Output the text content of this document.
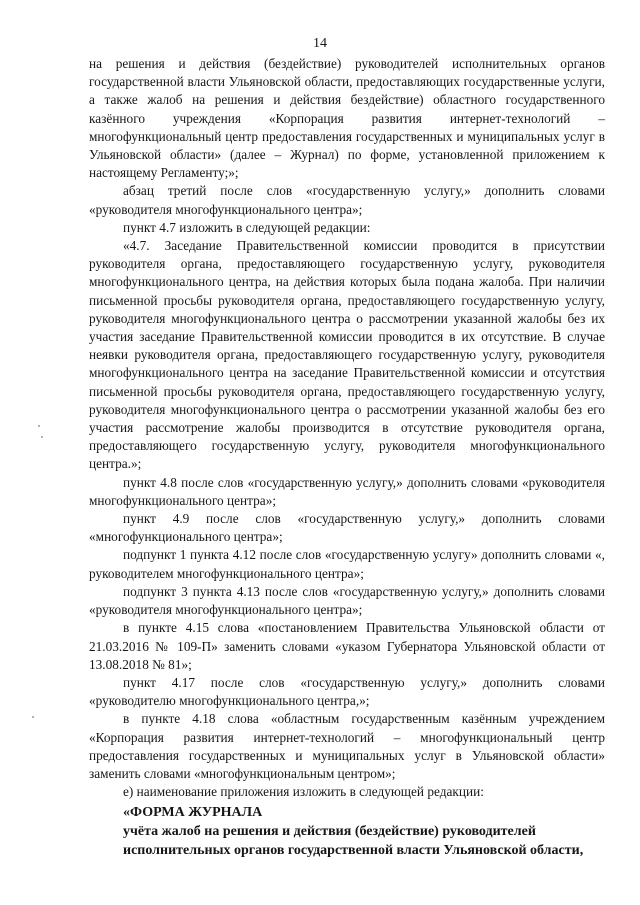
14

на решения и действия (бездействие) руководителей исполнительных органов государственной власти Ульяновской области, предоставляющих государственные услуги, а также жалоб на решения и действия бездействие) областного государственного казённого учреждения «Корпорация развития интернет-технологий – многофункциональный центр предоставления государственных и муниципальных услуг в Ульяновской области» (далее – Журнал) по форме, установленной приложением к настоящему Регламенту;»;

абзац третий после слов «государственную услугу,» дополнить словами «руководителя многофункционального центра»;

пункт 4.7 изложить в следующей редакции:

«4.7. Заседание Правительственной комиссии проводится в присутствии руководителя органа, предоставляющего государственную услугу, руководителя многофункционального центра, на действия которых была подана жалоба. При наличии письменной просьбы руководителя органа, предоставляющего государственную услугу, руководителя многофункционального центра о рассмотрении указанной жалобы без их участия заседание Правительственной комиссии проводится в их отсутствие. В случае неявки руководителя органа, предоставляющего государственную услугу, руководителя многофункционального центра на заседание Правительственной комиссии и отсутствия письменной просьбы руководителя органа, предоставляющего государственную услугу, руководителя многофункционального центра о рассмотрении указанной жалобы без его участия рассмотрение жалобы производится в отсутствие руководителя органа, предоставляющего государственную услугу, руководителя многофункционального центра.»;

пункт 4.8 после слов «государственную услугу,» дополнить словами «руководителя многофункционального центра»;

пункт 4.9 после слов «государственную услугу,» дополнить словами «многофункционального центра»;

подпункт 1 пункта 4.12 после слов «государственную услугу» дополнить словами «, руководителем многофункционального центра»;

подпункт 3 пункта 4.13 после слов «государственную услугу,» дополнить словами «руководителя многофункционального центра»;

в пункте 4.15 слова «постановлением Правительства Ульяновской области от 21.03.2016 № 109-П» заменить словами «указом Губернатора Ульяновской области от 13.08.2018 № 81»;

пункт 4.17 после слов «государственную услугу,» дополнить словами «руководителю многофункционального центра,»;

в пункте 4.18 слова «областным государственным казённым учреждением «Корпорация развития интернет-технологий – многофункциональный центр предоставления государственных и муниципальных услуг в Ульяновской области» заменить словами «многофункциональным центром»;

е) наименование приложения изложить в следующей редакции:

«ФОРМА ЖУРНАЛА

учёта жалоб на решения и действия (бездействие) руководителей

исполнительных органов государственной власти Ульяновской области,
